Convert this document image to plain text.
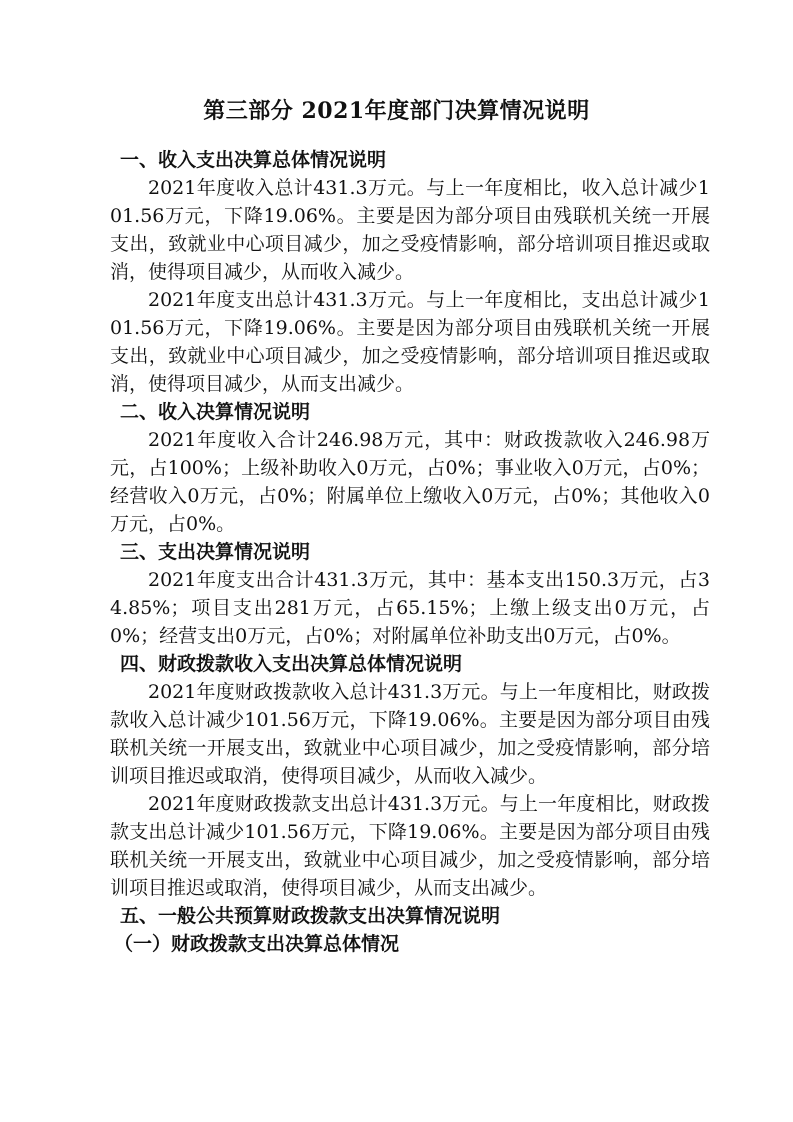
第三部分 2021年度部门决算情况说明

一、收入支出决算总体情况说明

2021年度收入总计431.3万元。与上一年度相比，收入总计减少101.56万元，下降19.06%。主要是因为部分项目由残联机关统一开展支出，致就业中心项目减少，加之受疫情影响，部分培训项目推迟或取消，使得项目减少，从而收入减少。

2021年度支出总计431.3万元。与上一年度相比，支出总计减少101.56万元，下降19.06%。主要是因为部分项目由残联机关统一开展支出，致就业中心项目减少，加之受疫情影响，部分培训项目推迟或取消，使得项目减少，从而支出减少。

二、收入决算情况说明

2021年度收入合计246.98万元，其中：财政拨款收入246.98万元，占100%；上级补助收入0万元，占0%；事业收入0万元，占0%；经营收入0万元，占0%；附属单位上缴收入0万元，占0%；其他收入0万元，占0%。

三、支出决算情况说明

2021年度支出合计431.3万元，其中：基本支出150.3万元，占34.85%；项目支出281万元，占65.15%；上缴上级支出0万元，占0%；经营支出0万元，占0%；对附属单位补助支出0万元，占0%。

四、财政拨款收入支出决算总体情况说明

2021年度财政拨款收入总计431.3万元。与上一年度相比，财政拨款收入总计减少101.56万元，下降19.06%。主要是因为部分项目由残联机关统一开展支出，致就业中心项目减少，加之受疫情影响，部分培训项目推迟或取消，使得项目减少，从而收入减少。

2021年度财政拨款支出总计431.3万元。与上一年度相比，财政拨款支出总计减少101.56万元，下降19.06%。主要是因为部分项目由残联机关统一开展支出，致就业中心项目减少，加之受疫情影响，部分培训项目推迟或取消，使得项目减少，从而支出减少。

五、一般公共预算财政拨款支出决算情况说明

（一）财政拨款支出决算总体情况
